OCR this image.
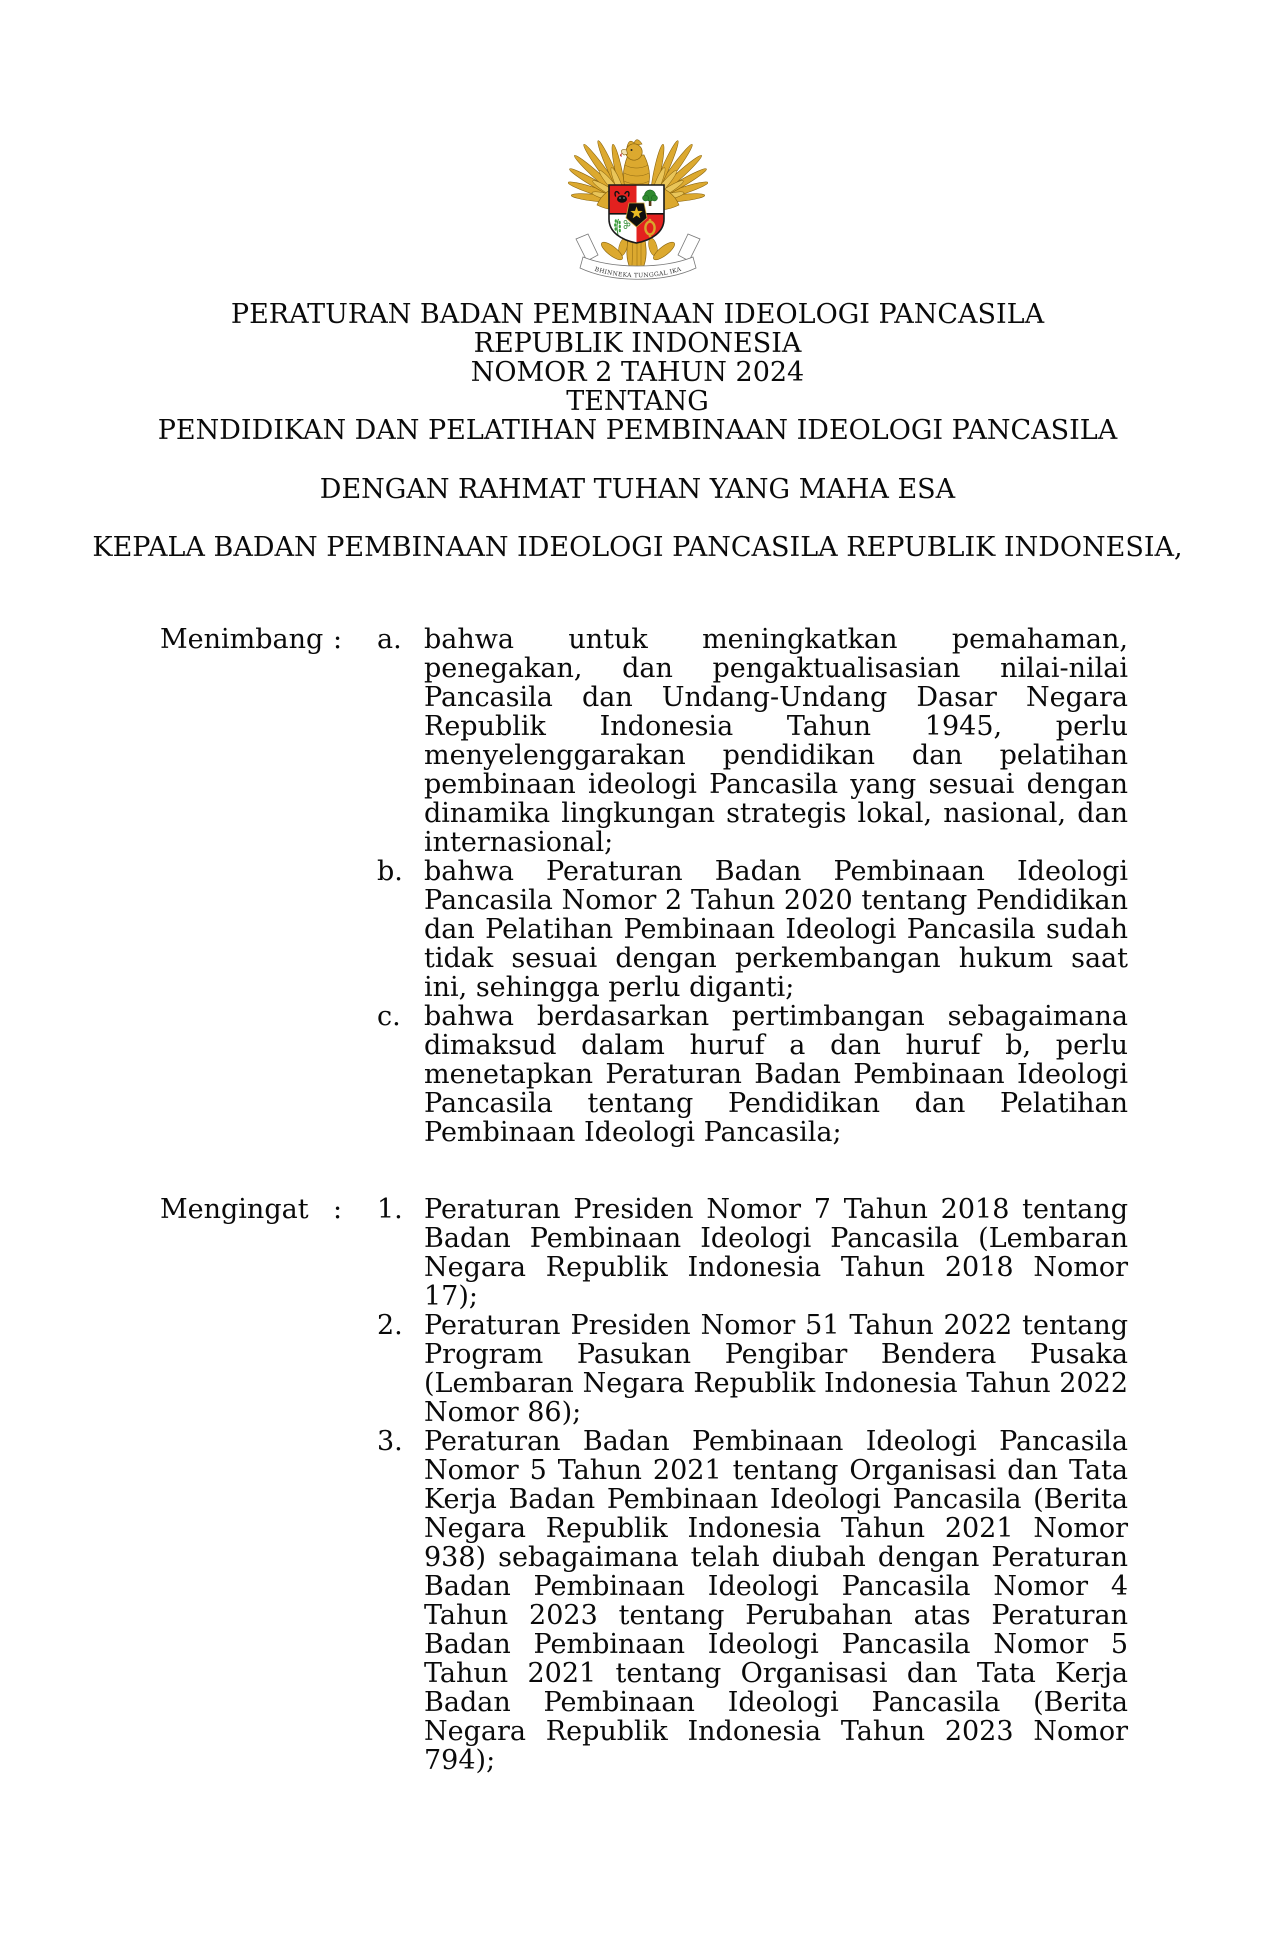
BHINNEKA TUNGGAL IKA
PERATURAN BADAN PEMBINAAN IDEOLOGI PANCASILA
REPUBLIK INDONESIA
NOMOR 2 TAHUN 2024
TENTANG
PENDIDIKAN DAN PELATIHAN PEMBINAAN IDEOLOGI PANCASILA
DENGAN RAHMAT TUHAN YANG MAHA ESA
KEPALA BADAN PEMBINAAN IDEOLOGI PANCASILA REPUBLIK INDONESIA,
Menimbang :	a. bahwa untuk meningkatkan pemahaman, penegakan, dan pengaktualisasian nilai-nilai Pancasila dan Undang-Undang Dasar Negara Republik Indonesia Tahun 1945, perlu menyelenggarakan pendidikan dan pelatihan pembinaan ideologi Pancasila yang sesuai dengan dinamika lingkungan strategis lokal, nasional, dan internasional;
b. bahwa Peraturan Badan Pembinaan Ideologi Pancasila Nomor 2 Tahun 2020 tentang Pendidikan dan Pelatihan Pembinaan Ideologi Pancasila sudah tidak sesuai dengan perkembangan hukum saat ini, sehingga perlu diganti;
c. bahwa berdasarkan pertimbangan sebagaimana dimaksud dalam huruf a dan huruf b, perlu menetapkan Peraturan Badan Pembinaan Ideologi Pancasila tentang Pendidikan dan Pelatihan Pembinaan Ideologi Pancasila;
Mengingat :	1. Peraturan Presiden Nomor 7 Tahun 2018 tentang Badan Pembinaan Ideologi Pancasila (Lembaran Negara Republik Indonesia Tahun 2018 Nomor 17);
2. Peraturan Presiden Nomor 51 Tahun 2022 tentang Program Pasukan Pengibar Bendera Pusaka (Lembaran Negara Republik Indonesia Tahun 2022 Nomor 86);
3. Peraturan Badan Pembinaan Ideologi Pancasila Nomor 5 Tahun 2021 tentang Organisasi dan Tata Kerja Badan Pembinaan Ideologi Pancasila (Berita Negara Republik Indonesia Tahun 2021 Nomor 938) sebagaimana telah diubah dengan Peraturan Badan Pembinaan Ideologi Pancasila Nomor 4 Tahun 2023 tentang Perubahan atas Peraturan Badan Pembinaan Ideologi Pancasila Nomor 5 Tahun 2021 tentang Organisasi dan Tata Kerja Badan Pembinaan Ideologi Pancasila (Berita Negara Republik Indonesia Tahun 2023 Nomor 794);
